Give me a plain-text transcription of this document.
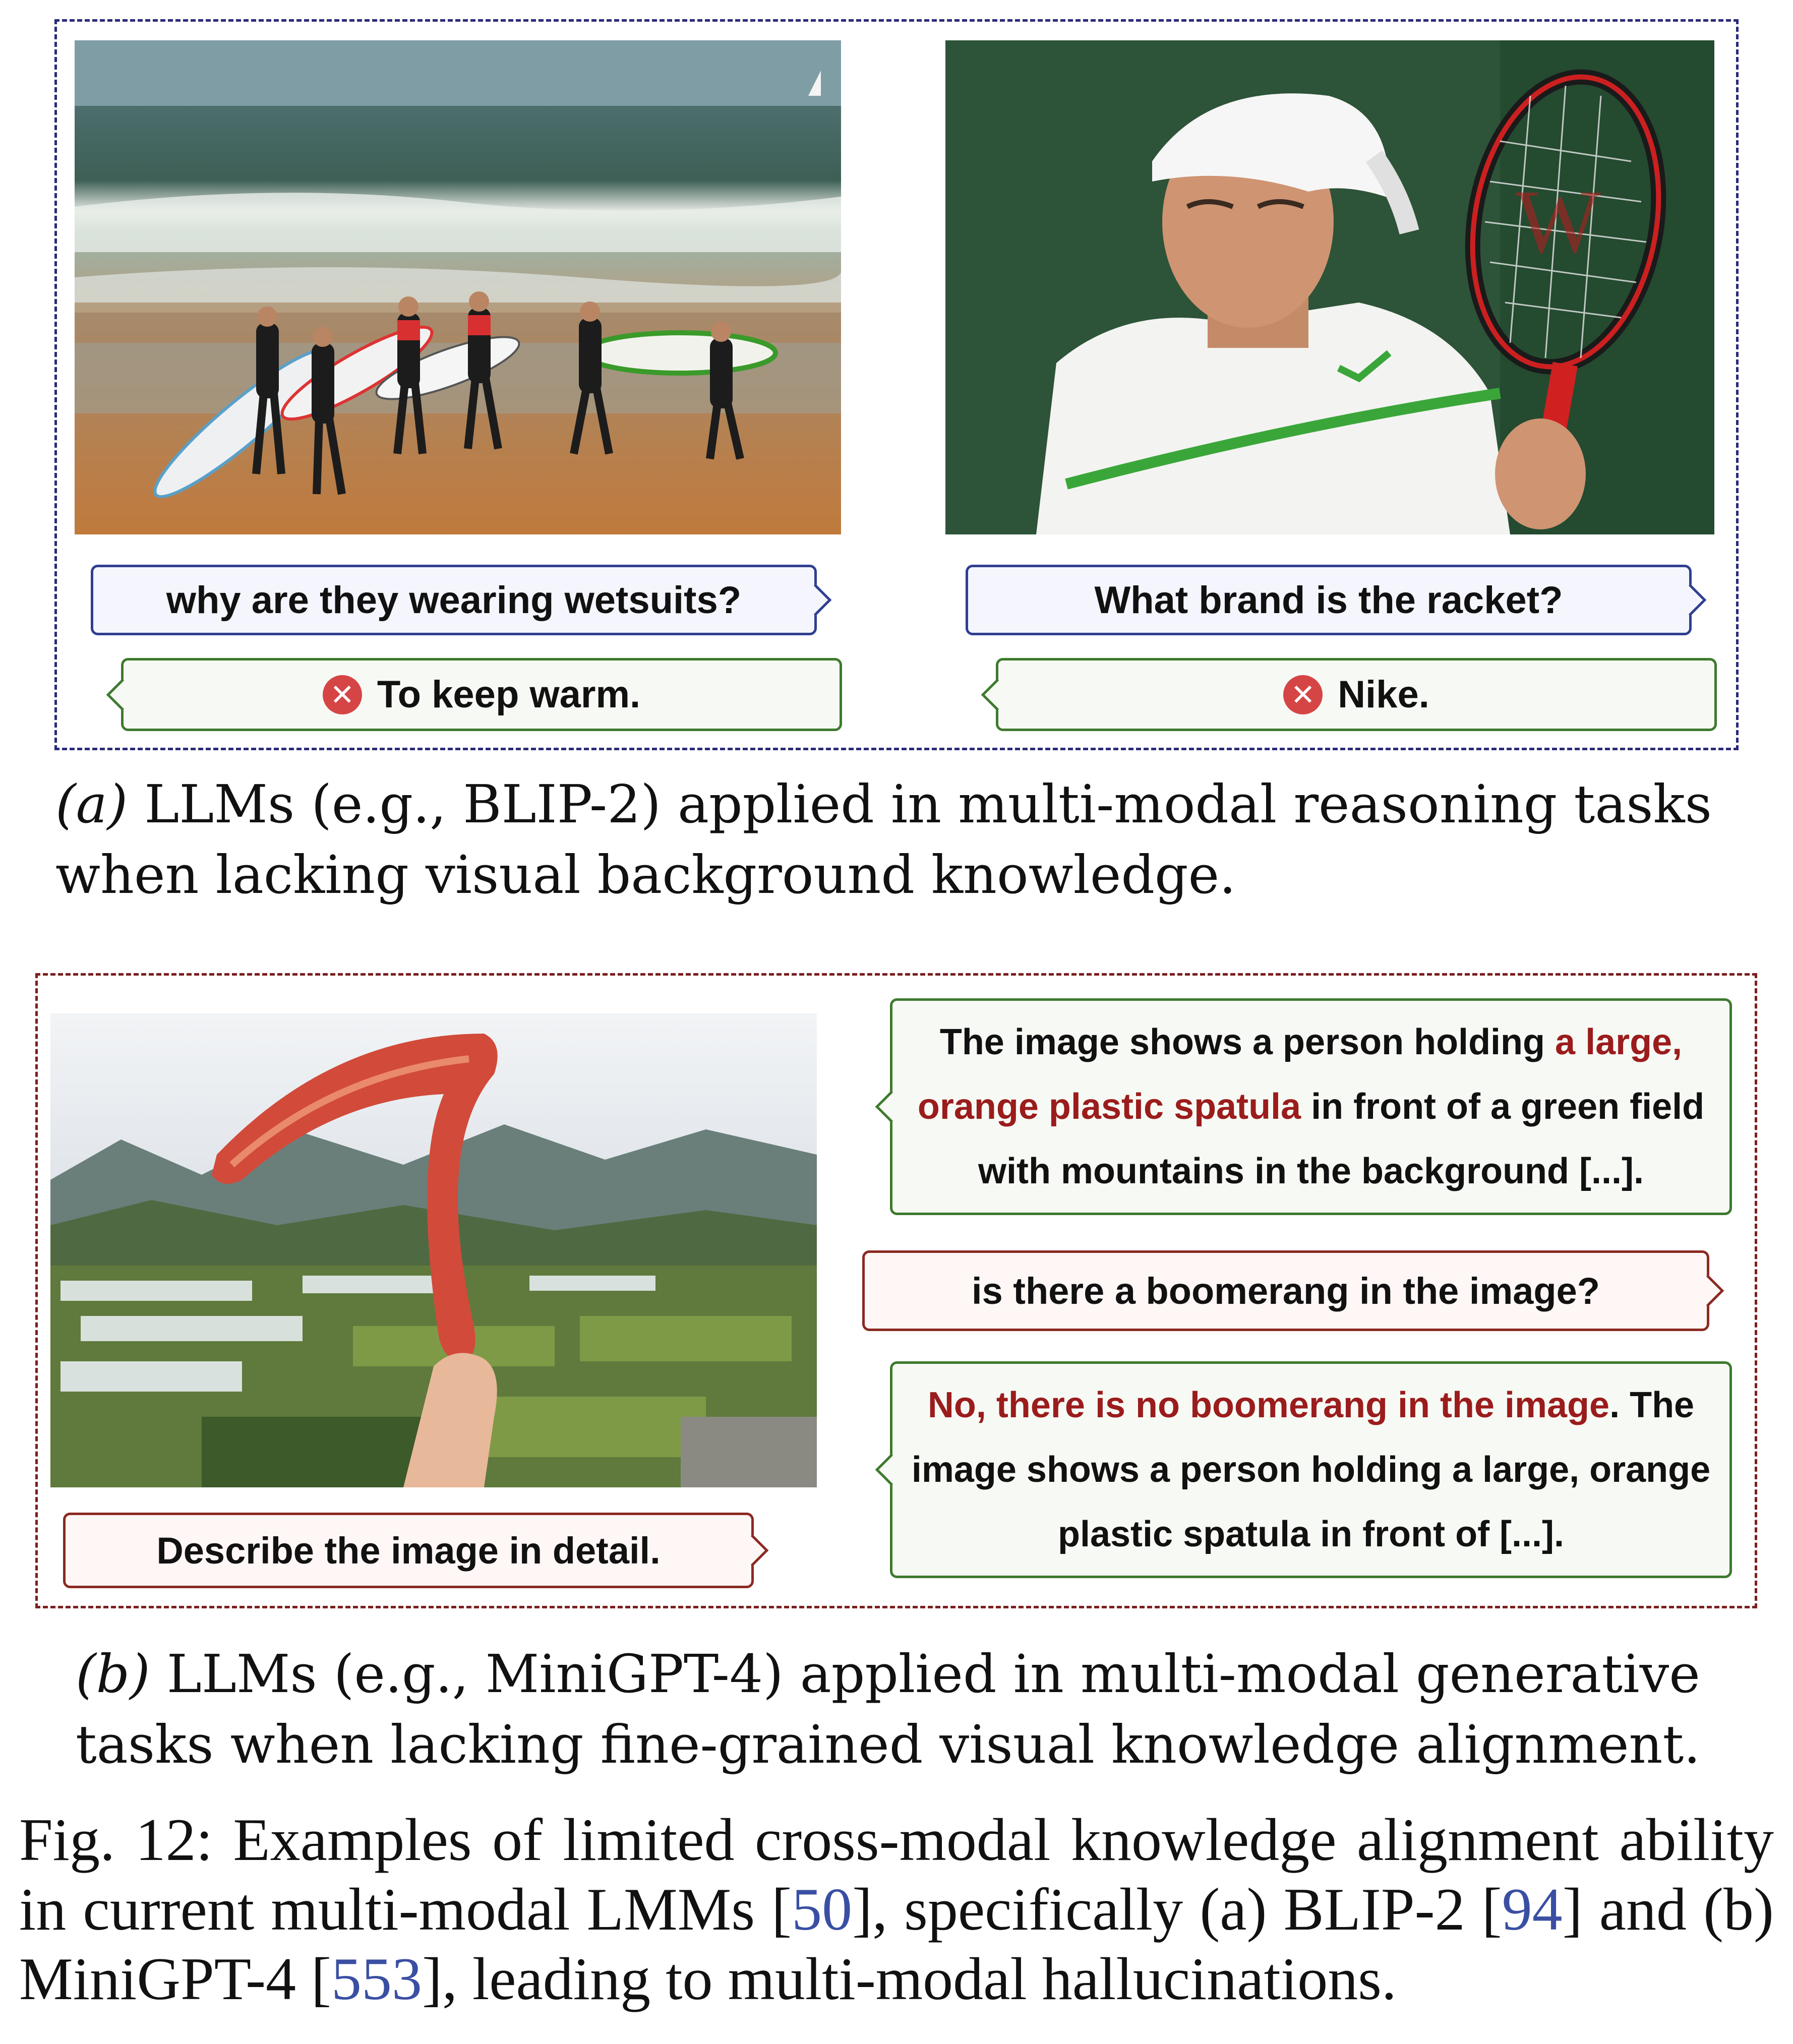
W
why are they wearing wetsuits?
✕ To keep warm.
What brand is the racket?
✕ Nike.
(a) LLMs (e.g., BLIP-2) applied in multi-modal reasoning tasks when lacking visual background knowledge.
The image shows a person holding a large, orange plastic spatula in front of a green field with mountains in the background [...].
is there a boomerang in the image?
No, there is no boomerang in the image. The image shows a person holding a large, orange plastic spatula in front of [...].
Describe the image in detail.
(b) LLMs (e.g., MiniGPT-4) applied in multi-modal generative tasks when lacking fine-grained visual knowledge alignment.
Fig. 12: Examples of limited cross-modal knowledge alignment ability in current multi-modal LMMs [50], specifically (a) BLIP-2 [94] and (b) MiniGPT-4 [553], leading to multi-modal hallucinations.
